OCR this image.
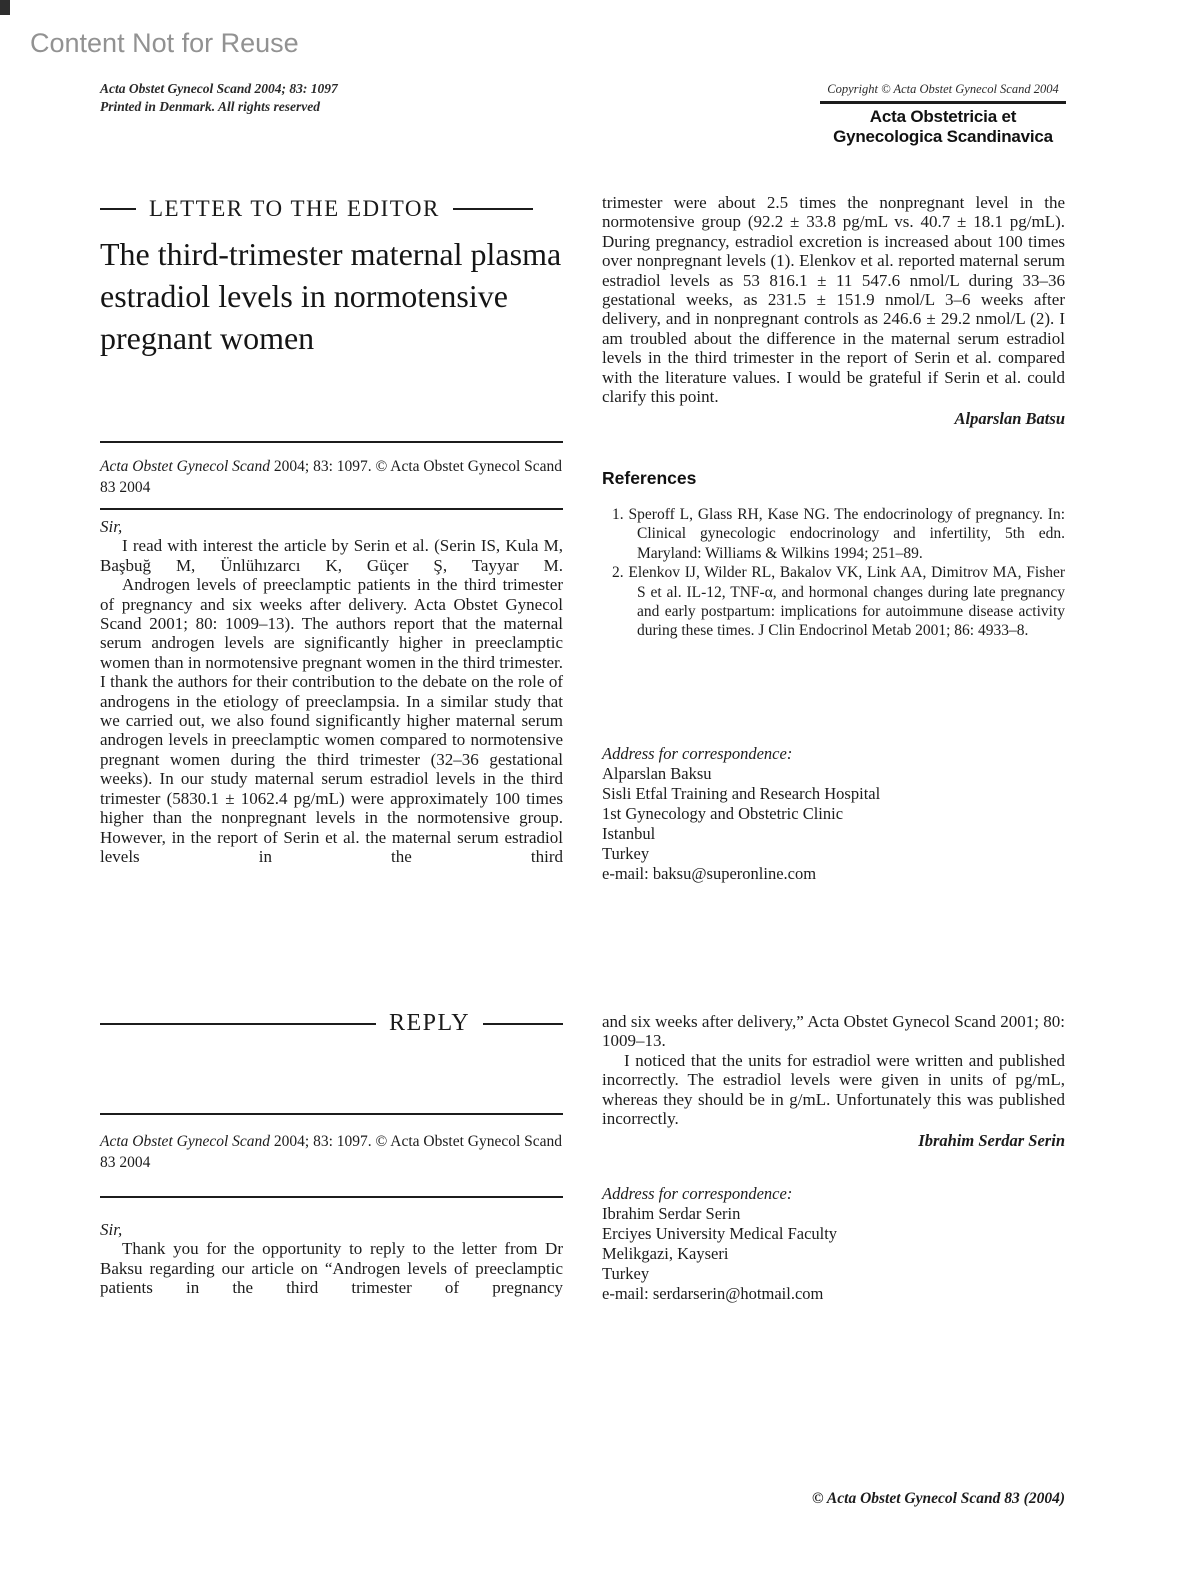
Content Not for Reuse
Acta Obstet Gynecol Scand 2004; 83: 1097
Printed in Denmark. All rights reserved
Copyright © Acta Obstet Gynecol Scand 2004
Acta Obstetricia et
Gynecologica Scandinavica
LETTER TO THE EDITOR
The third-trimester maternal plasma estradiol levels in normotensive pregnant women
Acta Obstet Gynecol Scand 2004; 83: 1097. © Acta Obstet Gynecol Scand 83 2004
Sir,

I read with interest the article by Serin et al. (Serin IS, Kula M, Başbuğ M, Ünlühızarcı K, Güçer Ş, Tayyar M.

Androgen levels of preeclamptic patients in the third trimester of pregnancy and six weeks after delivery. Acta Obstet Gynecol Scand 2001; 80: 1009–13). The authors report that the maternal serum androgen levels are significantly higher in preeclamptic women than in normotensive pregnant women in the third trimester. I thank the authors for their contribution to the debate on the role of androgens in the etiology of preeclampsia. In a similar study that we carried out, we also found significantly higher maternal serum androgen levels in preeclamptic women compared to normotensive pregnant women during the third trimester (32–36 gestational weeks). In our study maternal serum estradiol levels in the third trimester (5830.1 ± 1062.4 pg/mL) were approximately 100 times higher than the nonpregnant levels in the normotensive group. However, in the report of Serin et al. the maternal serum estradiol levels in the third

trimester were about 2.5 times the nonpregnant level in the normotensive group (92.2 ± 33.8 pg/mL vs. 40.7 ± 18.1 pg/mL). During pregnancy, estradiol excretion is increased about 100 times over nonpregnant levels (1). Elenkov et al. reported maternal serum estradiol levels as 53 816.1 ± 11 547.6 nmol/L during 33–36 gestational weeks, as 231.5 ± 151.9 nmol/L 3–6 weeks after delivery, and in nonpregnant controls as 246.6 ± 29.2 nmol/L (2). I am troubled about the difference in the maternal serum estradiol levels in the third trimester in the report of Serin et al. compared with the literature values. I would be grateful if Serin et al. could clarify this point.
Alparslan Batsu
References
1. Speroff L, Glass RH, Kase NG. The endocrinology of pregnancy. In: Clinical gynecologic endocrinology and infertility, 5th edn. Maryland: Williams & Wilkins 1994; 251–89.
2. Elenkov IJ, Wilder RL, Bakalov VK, Link AA, Dimitrov MA, Fisher S et al. IL-12, TNF-α, and hormonal changes during late pregnancy and early postpartum: implications for autoimmune disease activity during these times. J Clin Endocrinol Metab 2001; 86: 4933–8.
Address for correspondence:
Alparslan Baksu
Sisli Etfal Training and Research Hospital
1st Gynecology and Obstetric Clinic
Istanbul
Turkey
e-mail: baksu@superonline.com
REPLY
Acta Obstet Gynecol Scand 2004; 83: 1097. © Acta Obstet Gynecol Scand 83 2004
Sir,

Thank you for the opportunity to reply to the letter from Dr Baksu regarding our article on “Androgen levels of preeclamptic patients in the third trimester of pregnancy

and six weeks after delivery,” Acta Obstet Gynecol Scand 2001; 80: 1009–13.

I noticed that the units for estradiol were written and published incorrectly. The estradiol levels were given in units of pg/mL, whereas they should be in g/mL. Unfortunately this was published incorrectly.

Ibrahim Serdar Serin
Address for correspondence:
Ibrahim Serdar Serin
Erciyes University Medical Faculty
Melikgazi, Kayseri
Turkey
e-mail: serdarserin@hotmail.com
© Acta Obstet Gynecol Scand 83 (2004)
